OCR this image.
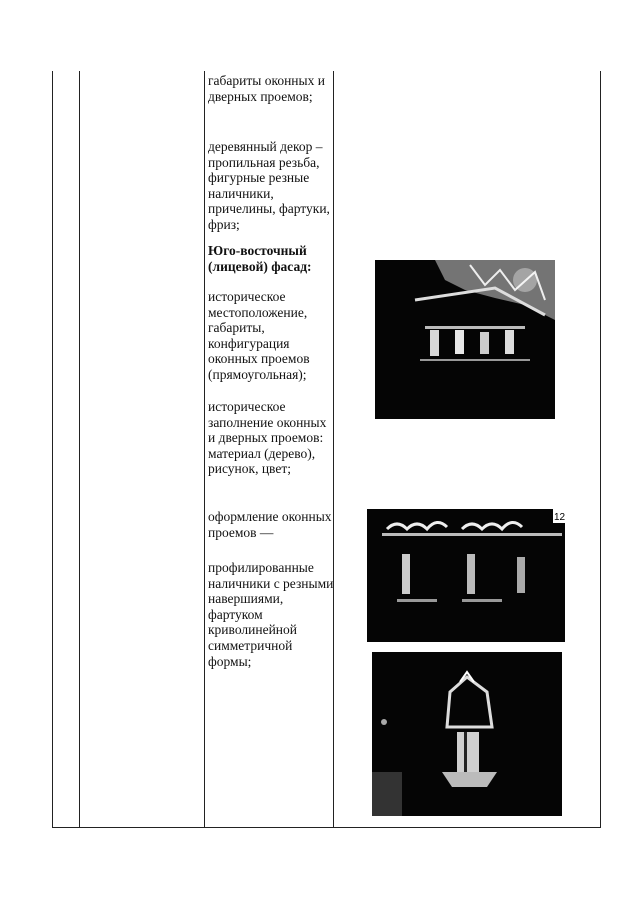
габариты оконных и дверных проемов;

деревянный декор – пропильная резьба, фигурные резные наличники, причелины, фартуки, фриз;

Юго-восточный (лицевой) фасад:

историческое местоположение, габариты, конфигурация оконных проемов (прямоугольная);

историческое заполнение оконных и дверных проемов: материал (дерево), рисунок, цвет;

оформление оконных проемов —

профилированные наличники с резными навершиями, фартуком криволинейной симметричной формы;

12
